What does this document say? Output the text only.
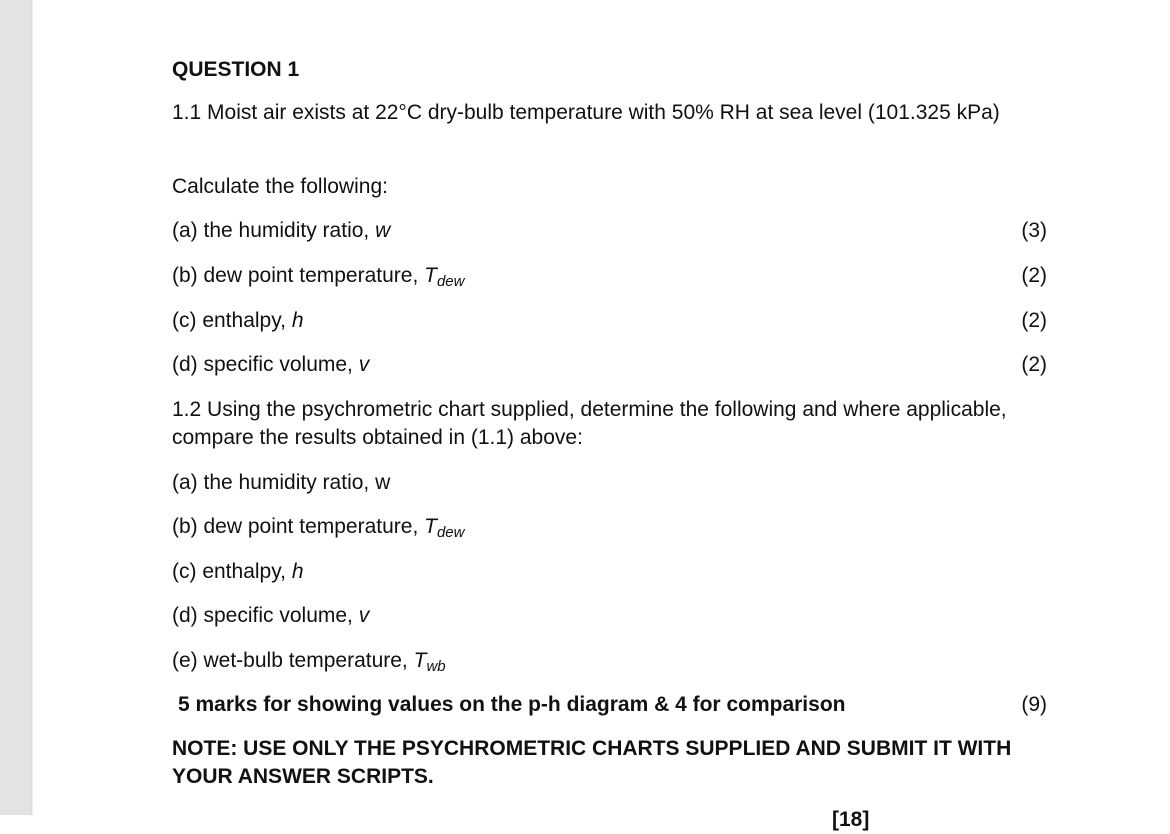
QUESTION 1
1.1 Moist air exists at 22°C dry-bulb temperature with 50% RH at sea level (101.325 kPa)
Calculate the following:
(a) the humidity ratio, w	(3)
(b) dew point temperature, Tdew	(2)
(c) enthalpy, h	(2)
(d) specific volume, v	(2)
1.2 Using the psychrometric chart supplied, determine the following and where applicable, compare the results obtained in (1.1) above:
(a) the humidity ratio, w
(b) dew point temperature, Tdew
(c) enthalpy, h
(d) specific volume, v
(e) wet-bulb temperature, Twb
5 marks for showing values on the p-h diagram & 4 for comparison	(9)
NOTE: USE ONLY THE PSYCHROMETRIC CHARTS SUPPLIED AND SUBMIT IT WITH YOUR ANSWER SCRIPTS.
[18]
